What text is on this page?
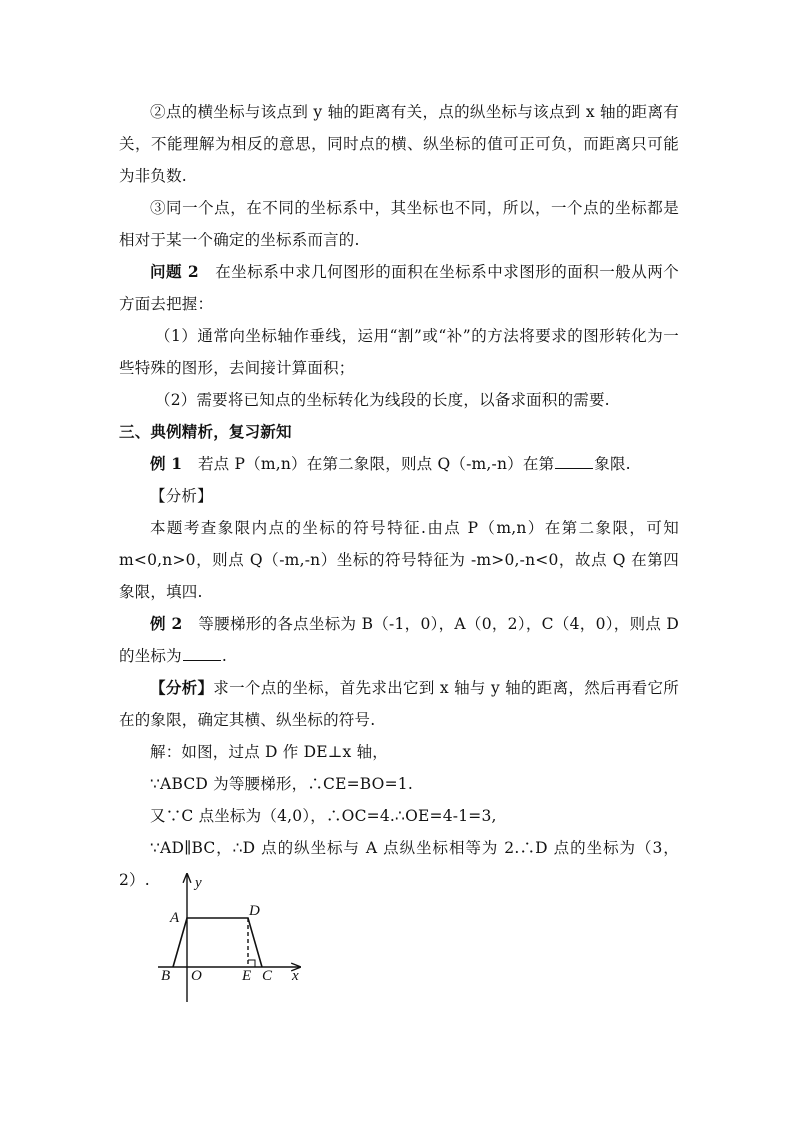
②点的横坐标与该点到 y 轴的距离有关，点的纵坐标与该点到 x 轴的距离有关，不能理解为相反的意思，同时点的横、纵坐标的值可正可负，而距离只可能为非负数.

③同一个点，在不同的坐标系中，其坐标也不同，所以，一个点的坐标都是相对于某一个确定的坐标系而言的.

问题 2　 在坐标系中求几何图形的面积在坐标系中求图形的面积一般从两个方面去把握：

（1）通常向坐标轴作垂线，运用“割”或“补”的方法将要求的图形转化为一些特殊的图形，去间接计算面积；

（2）需要将已知点的坐标转化为线段的长度，以备求面积的需要.

三、典例精析，复习新知

例 1　 若点 P（m,n）在第二象限，则点 Q（-m,-n）在第	象限.

【分析】

本题考查象限内点的坐标的符号特征.由点 P（m,n）在第二象限，可知 m<0,n>0，则点 Q（-m,-n）坐标的符号特征为 -m>0,-n<0，故点 Q 在第四象限，填四.

例 2　 等腰梯形的各点坐标为 B（-1，0），A（0，2），C（4，0），则点 D 的坐标为	.

【分析】求一个点的坐标，首先求出它到 x 轴与 y 轴的距离，然后再看它所在的象限，确定其横、纵坐标的符号.

解：如图，过点 D 作 DE⊥x 轴，

∵ABCD 为等腰梯形，∴CE=BO=1.

又∵C 点坐标为（4,0），∴OC=4.∴OE=4-1=3,

∵AD∥BC，∴D 点的纵坐标与 A 点纵坐标相等为 2.∴D 点的坐标为（3，2）.	y
A	D
B O	E C x
